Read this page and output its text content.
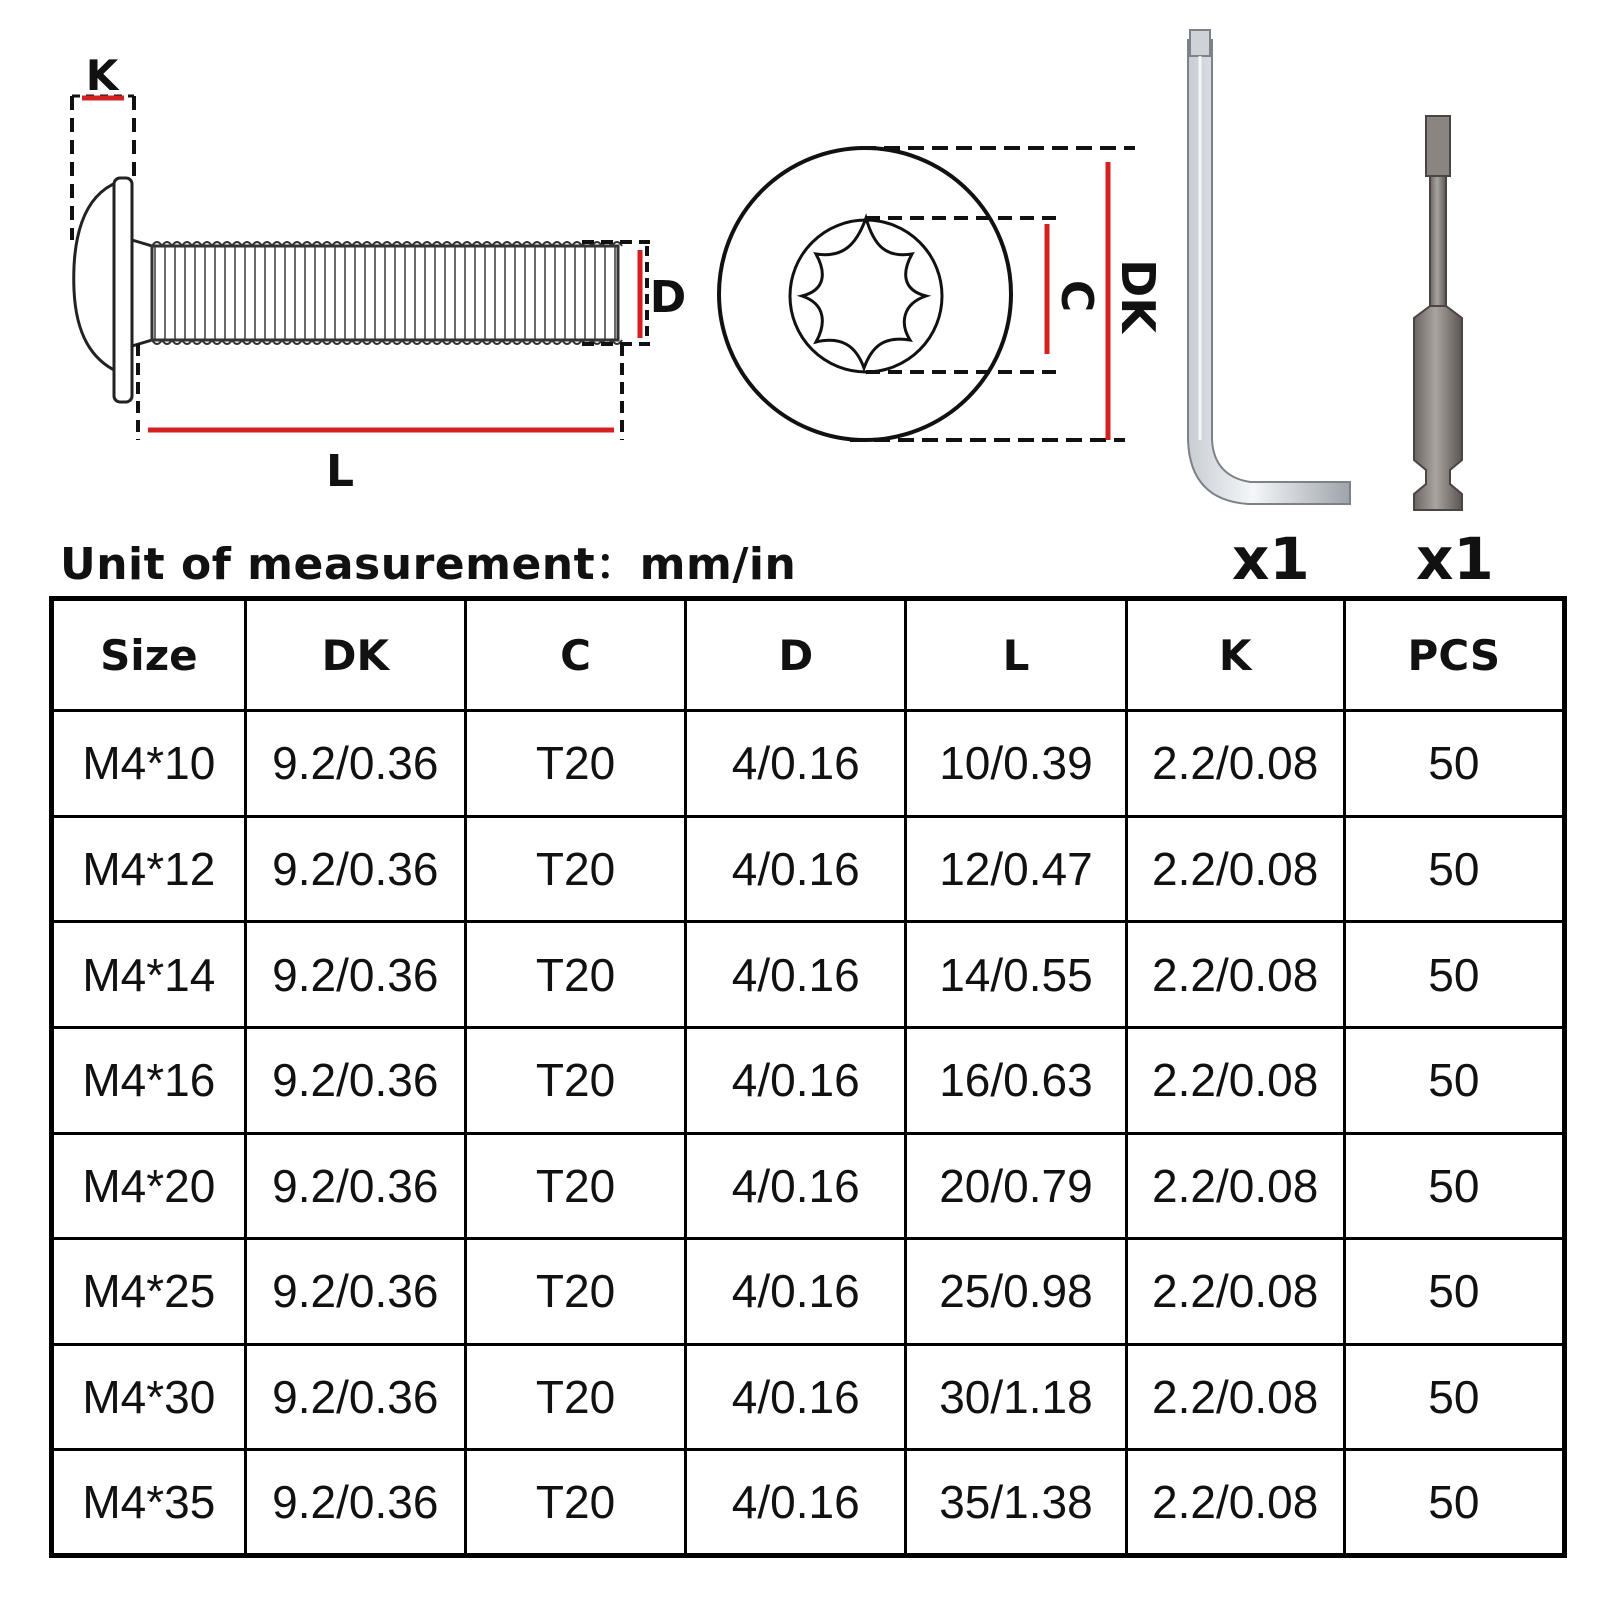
K
D
L
C DK
Unit of measurement：mm/in	x1 x1
Size	DK	C	D	L	K	PCS
M4*10	9.2/0.36	T20	4/0.16	10/0.39	2.2/0.08	50
M4*12	9.2/0.36	T20	4/0.16	12/0.47	2.2/0.08	50
M4*14	9.2/0.36	T20	4/0.16	14/0.55	2.2/0.08	50
M4*16	9.2/0.36	T20	4/0.16	16/0.63	2.2/0.08	50
M4*20	9.2/0.36	T20	4/0.16	20/0.79	2.2/0.08	50
M4*25	9.2/0.36	T20	4/0.16	25/0.98	2.2/0.08	50
M4*30	9.2/0.36	T20	4/0.16	30/1.18	2.2/0.08	50
M4*35	9.2/0.36	T20	4/0.16	35/1.38	2.2/0.08	50
